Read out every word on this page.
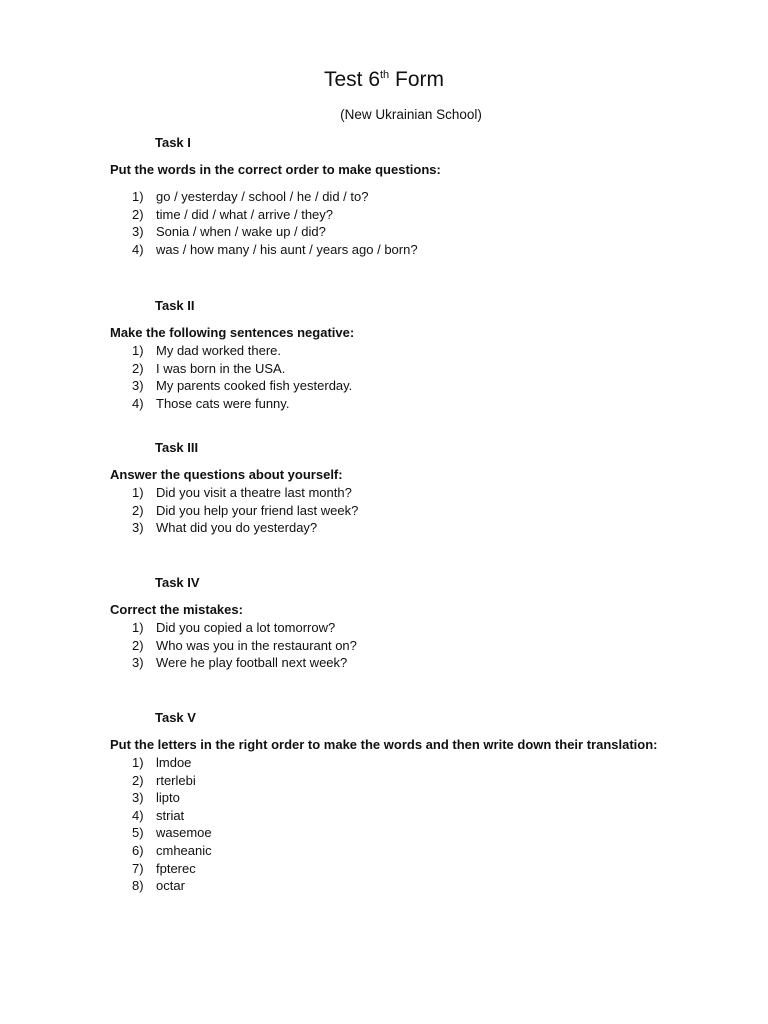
Test 6th Form
(New Ukrainian School)
Task I
Put the words in the correct order to make questions:
1) go / yesterday / school / he / did / to?
2) time / did / what / arrive / they?
3) Sonia / when / wake up / did?
4) was / how many / his aunt / years ago / born?
Task II
Make the following sentences negative:
1) My dad worked there.
2) I was born in the USA.
3) My parents cooked fish yesterday.
4) Those cats were funny.
Task III
Answer the questions about yourself:
1) Did you visit a theatre last month?
2) Did you help your friend last week?
3) What did you do yesterday?
Task IV
Correct the mistakes:
1) Did you copied a lot tomorrow?
2) Who was you in the restaurant on?
3) Were he play football next week?
Task V
Put the letters in the right order to make the words and then write down their translation:
1) lmdoe
2) rterlebi
3) lipto
4) striat
5) wasemoe
6) cmheanic
7) fpterec
8) octar
